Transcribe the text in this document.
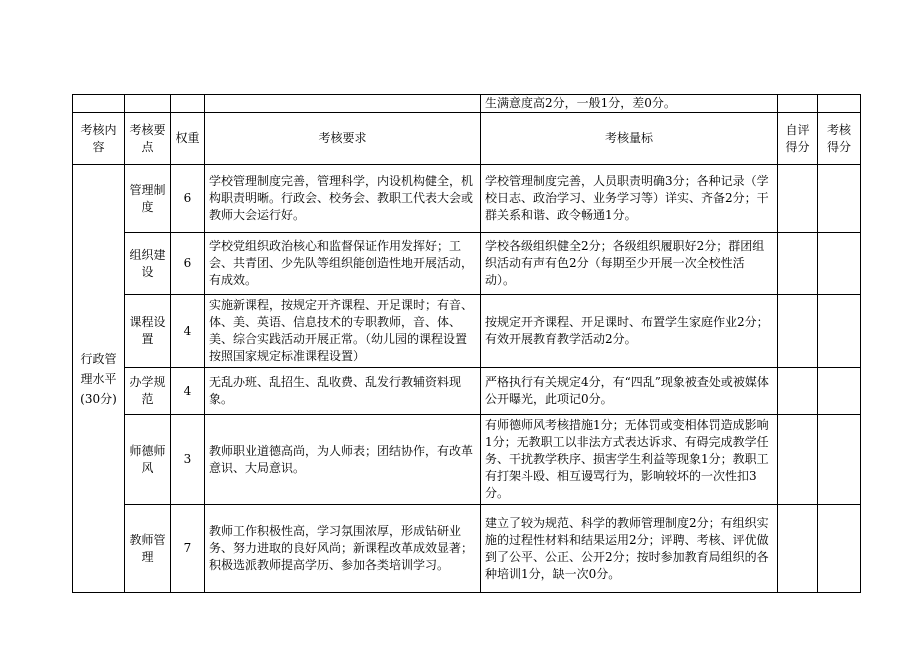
				生满意度高2分，一般1分，差0分。		
考核内容	考核要点	权重	考核要求	考核量标	自评得分	考核得分
行政管理水平(30分)	管理制度	6	学校管理制度完善，管理科学，内设机构健全，机构职责明晰。行政会、校务会、教职工代表大会或教师大会运行好。	学校管理制度完善，人员职责明确3分；各种记录（学校日志、政治学习、业务学习等）详实、齐备2分；干群关系和谐、政令畅通1分。		
	组织建设	6	学校党组织政治核心和监督保证作用发挥好；工会、共青团、少先队等组织能创造性地开展活动，有成效。	学校各级组织健全2分；各级组织履职好2分；群团组织活动有声有色2分（每期至少开展一次全校性活动）。		
	课程设置	4	实施新课程，按规定开齐课程、开足课时；有音、体、美、英语、信息技术的专职教师，音、体、美、综合实践活动开展正常。（幼儿园的课程设置按照国家规定标准课程设置）	按规定开齐课程、开足课时、布置学生家庭作业2分；有效开展教育教学活动2分。		
	办学规范	4	无乱办班、乱招生、乱收费、乱发行教辅资料现象。	严格执行有关规定4分，有“四乱”现象被查处或被媒体公开曝光，此项记0分。		
	师德师风	3	教师职业道德高尚，为人师表；团结协作，有改革意识、大局意识。	有师德师风考核措施1分；无体罚或变相体罚造成影响1分；无教职工以非法方式表达诉求、有碍完成教学任务、干扰教学秩序、损害学生利益等现象1分；教职工有打架斗殴、相互谩骂行为，影响较坏的一次性扣3分。		
	教师管理	7	教师工作积极性高，学习氛围浓厚，形成钻研业务、努力进取的良好风尚；新课程改革成效显著；积极选派教师提高学历、参加各类培训学习。	建立了较为规范、科学的教师管理制度2分；有组织实施的过程性材料和结果运用2分；评聘、考核、评优做到了公平、公正、公开2分；按时参加教育局组织的各种培训1分，缺一次0分。		
